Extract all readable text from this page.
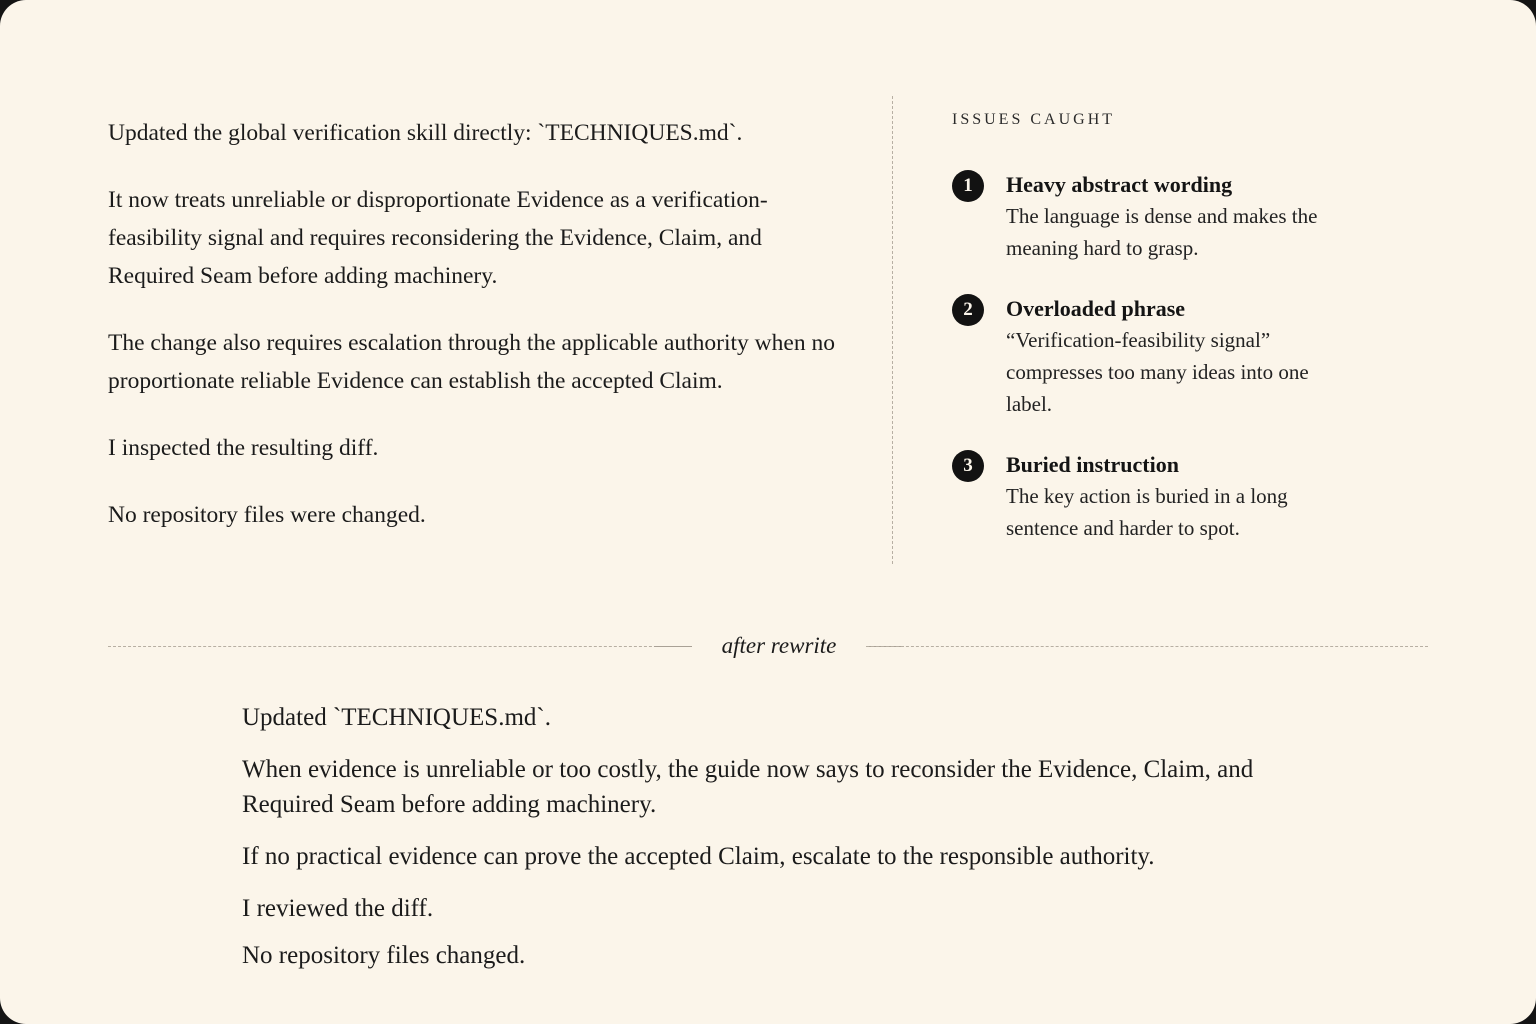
Updated the global verification skill directly: `TECHNIQUES.md`.

It now treats unreliable or disproportionate Evidence as a verification-feasibility signal and requires reconsidering the Evidence, Claim, and Required Seam before adding machinery.

The change also requires escalation through the applicable authority when no proportionate reliable Evidence can establish the accepted Claim.

I inspected the resulting diff.

No repository files were changed.

ISSUES CAUGHT
1	Heavy abstract wording
The language is dense and makes the meaning hard to grasp.
2	Overloaded phrase
“Verification-feasibility signal” compresses too many ideas into one label.
3	Buried instruction
The key action is buried in a long sentence and harder to spot.
after rewrite

Updated `TECHNIQUES.md`.

When evidence is unreliable or too costly, the guide now says to reconsider the Evidence, Claim, and Required Seam before adding machinery.

If no practical evidence can prove the accepted Claim, escalate to the responsible authority.

I reviewed the diff.

No repository files changed.
